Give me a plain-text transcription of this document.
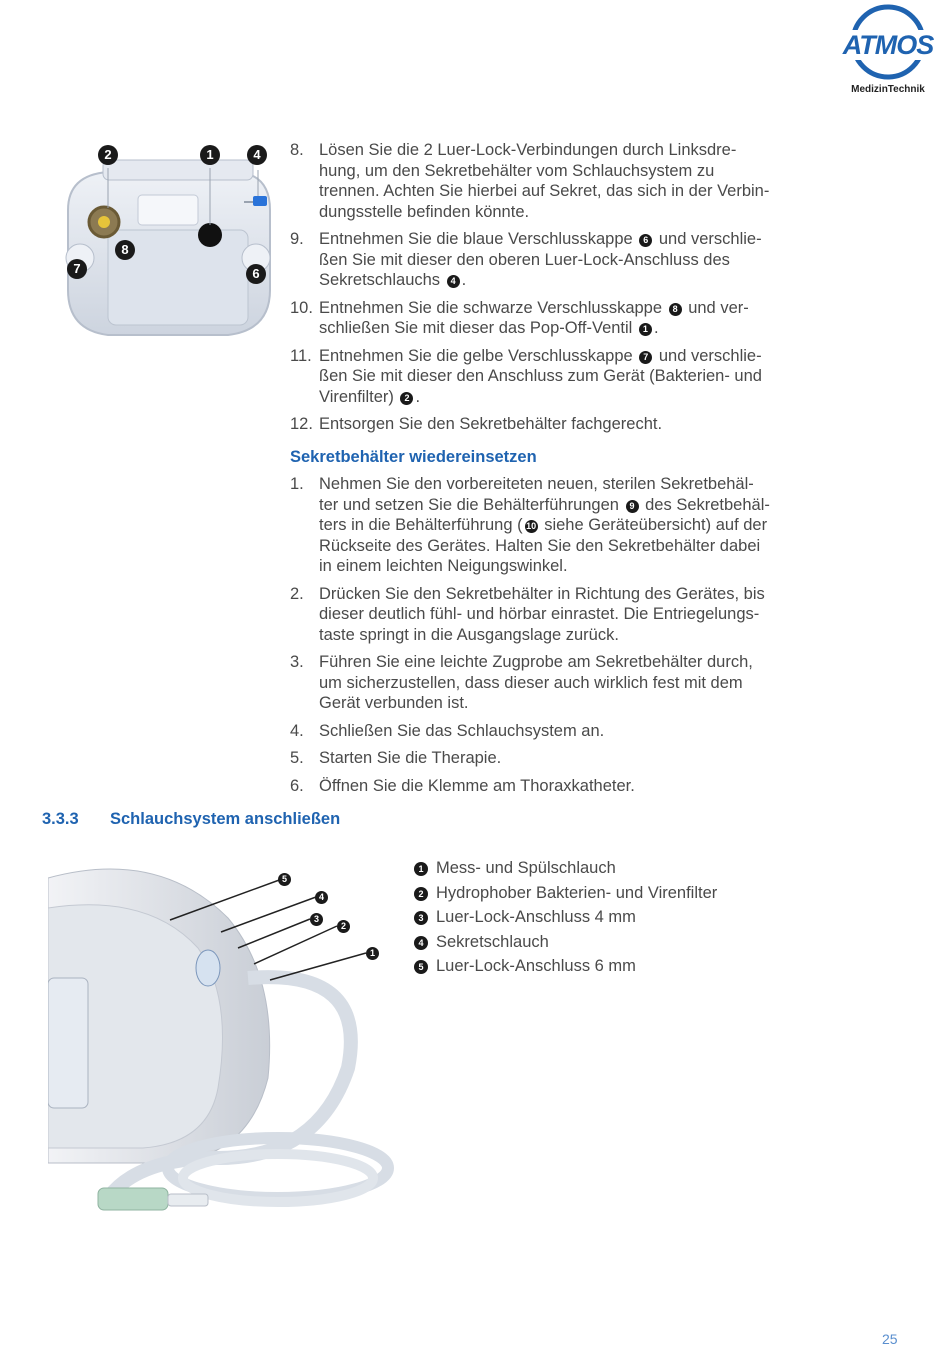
ATMOS
MedizinTechnik
2	1	4
8
7	6
8. Lösen Sie die 2 Luer-Lock-Verbindungen durch Linksdre-
hung, um den Sekretbehälter vom Schlauchsystem zu
trennen. Achten Sie hierbei auf Sekret, das sich in der Verbin-
dungsstelle befinden könnte.
9. Entnehmen Sie die blaue Verschlusskappe 6 und verschlie-
ßen Sie mit dieser den oberen Luer-Lock-Anschluss des
Sekretschlauchs 4 .
10. Entnehmen Sie die schwarze Verschlusskappe 8 und ver-
schließen Sie mit dieser das Pop-Off-Ventil 1 .
11. Entnehmen Sie die gelbe Verschlusskappe 7 und verschlie-
ßen Sie mit dieser den Anschluss zum Gerät (Bakterien- und
Virenfilter) 2 .
12. Entsorgen Sie den Sekretbehälter fachgerecht.
Sekretbehälter wiedereinsetzen
1. Nehmen Sie den vorbereiteten neuen, sterilen Sekretbehäl-
ter und setzen Sie die Behälterführungen 9 des Sekretbehäl-
ters in die Behälterführung ( 10 siehe Geräteübersicht) auf der
Rückseite des Gerätes. Halten Sie den Sekretbehälter dabei
in einem leichten Neigungswinkel.
2. Drücken Sie den Sekretbehälter in Richtung des Gerätes, bis
dieser deutlich fühl- und hörbar einrastet. Die Entriegelungs-
taste springt in die Ausgangslage zurück.
3. Führen Sie eine leichte Zugprobe am Sekretbehälter durch,
um sicherzustellen, dass dieser auch wirklich fest mit dem
Gerät verbunden ist.
4. Schließen Sie das Schlauchsystem an.
5. Starten Sie die Therapie.
6. Öffnen Sie die Klemme am Thoraxkatheter.
3.3.3 Schlauchsystem anschließen
5
4
3
2
1
1 Mess- und Spülschlauch
2 Hydrophober Bakterien- und Virenfilter
3 Luer-Lock-Anschluss 4 mm
4 Sekretschlauch
5 Luer-Lock-Anschluss 6 mm
25
